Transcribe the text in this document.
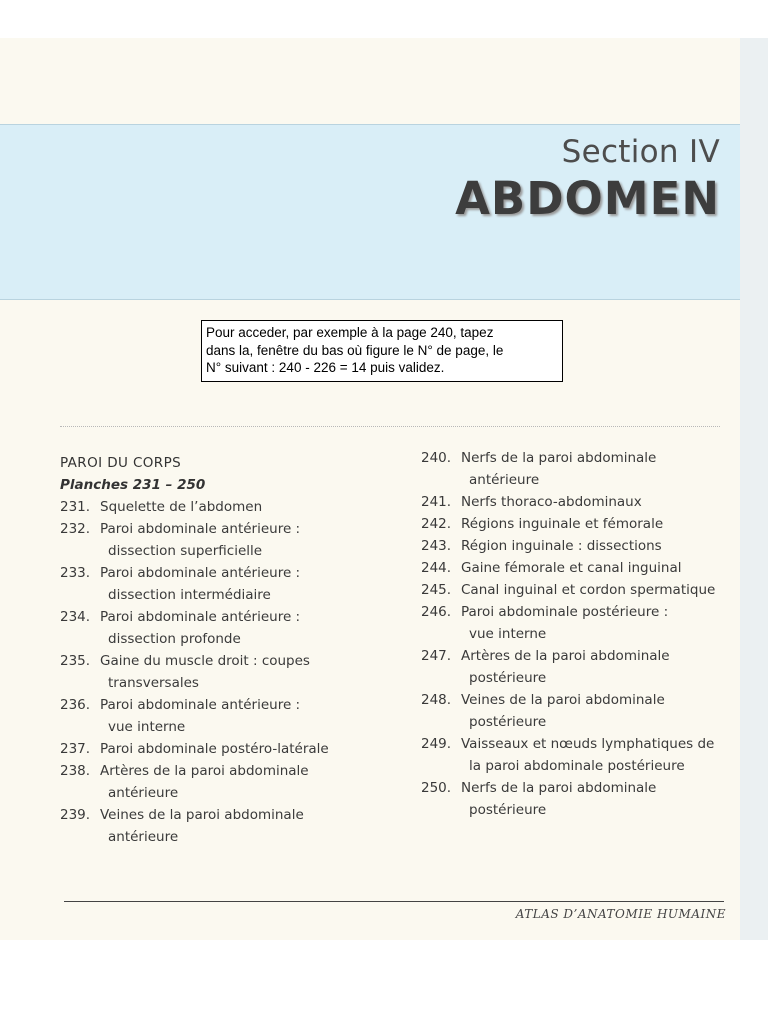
Section IV
ABDOMEN
Pour acceder, par exemple à la page 240, tapez
dans la, fenêtre du bas où figure le N° de page, le
N° suivant : 240 - 226 = 14 puis validez.
PAROI DU CORPS
Planches 231 – 250
231. Squelette de l’abdomen
232. Paroi abdominale antérieure :
dissection superficielle
233. Paroi abdominale antérieure :
dissection intermédiaire
234. Paroi abdominale antérieure :
dissection profonde
235. Gaine du muscle droit : coupes
transversales
236. Paroi abdominale antérieure :
vue interne
237. Paroi abdominale postéro-latérale
238. Artères de la paroi abdominale
antérieure
239. Veines de la paroi abdominale
antérieure
240. Nerfs de la paroi abdominale
antérieure
241. Nerfs thoraco-abdominaux
242. Régions inguinale et fémorale
243. Région inguinale : dissections
244. Gaine fémorale et canal inguinal
245. Canal inguinal et cordon spermatique
246. Paroi abdominale postérieure :
vue interne
247. Artères de la paroi abdominale
postérieure
248. Veines de la paroi abdominale
postérieure
249. Vaisseaux et nœuds lymphatiques de
la paroi abdominale postérieure
250. Nerfs de la paroi abdominale
postérieure
ATLAS D’ANATOMIE HUMAINE
